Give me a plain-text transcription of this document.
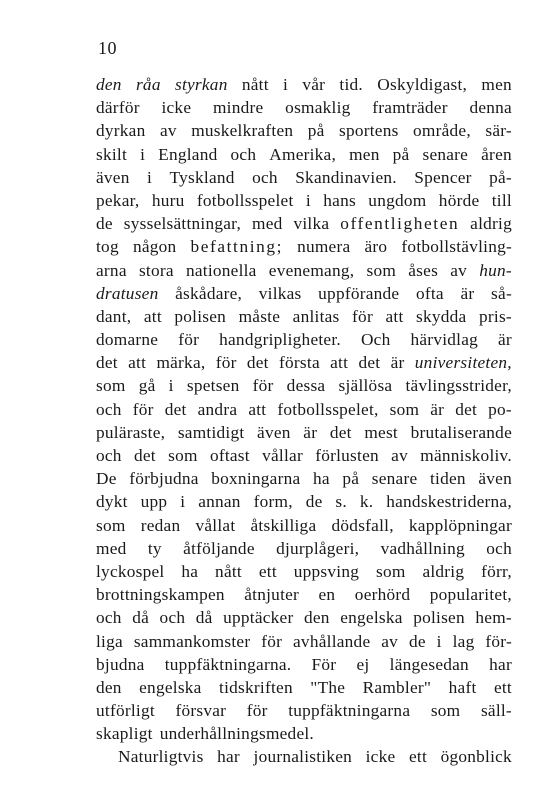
10
den råa styrkan nått i vår tid. Oskyldigast, men
därför icke mindre osmaklig framträder denna
dyrkan av muskelkraften på sportens område, sär-
skilt i England och Amerika, men på senare åren
även i Tyskland och Skandinavien. Spencer på-
pekar, huru fotbollsspelet i hans ungdom hörde till
de sysselsättningar, med vilka offentligheten aldrig
tog någon befattning; numera äro fotbollstävling-
arna stora nationella evenemang, som åses av hun-
dratusen åskådare, vilkas uppförande ofta är så-
dant, att polisen måste anlitas för att skydda pris-
domarne för handgripligheter. Och härvidlag är
det att märka, för det första att det är universiteten,
som gå i spetsen för dessa själlösa tävlingsstrider,
och för det andra att fotbollsspelet, som är det po-
puläraste, samtidigt även är det mest brutaliserande
och det som oftast vållar förlusten av människoliv.
De förbjudna boxningarna ha på senare tiden även
dykt upp i annan form, de s. k. handskestriderna,
som redan vållat åtskilliga dödsfall, kapplöpningar
med ty åtföljande djurplågeri, vadhållning och
lyckospel ha nått ett uppsving som aldrig förr,
brottningskampen åtnjuter en oerhörd popularitet,
och då och då upptäcker den engelska polisen hem-
liga sammankomster för avhållande av de i lag för-
bjudna tuppfäktningarna. För ej längesedan har
den engelska tidskriften "The Rambler" haft ett
utförligt försvar för tuppfäktningarna som säll-
skapligt underhållningsmedel.
Naturligtvis har journalistiken icke ett ögonblick
